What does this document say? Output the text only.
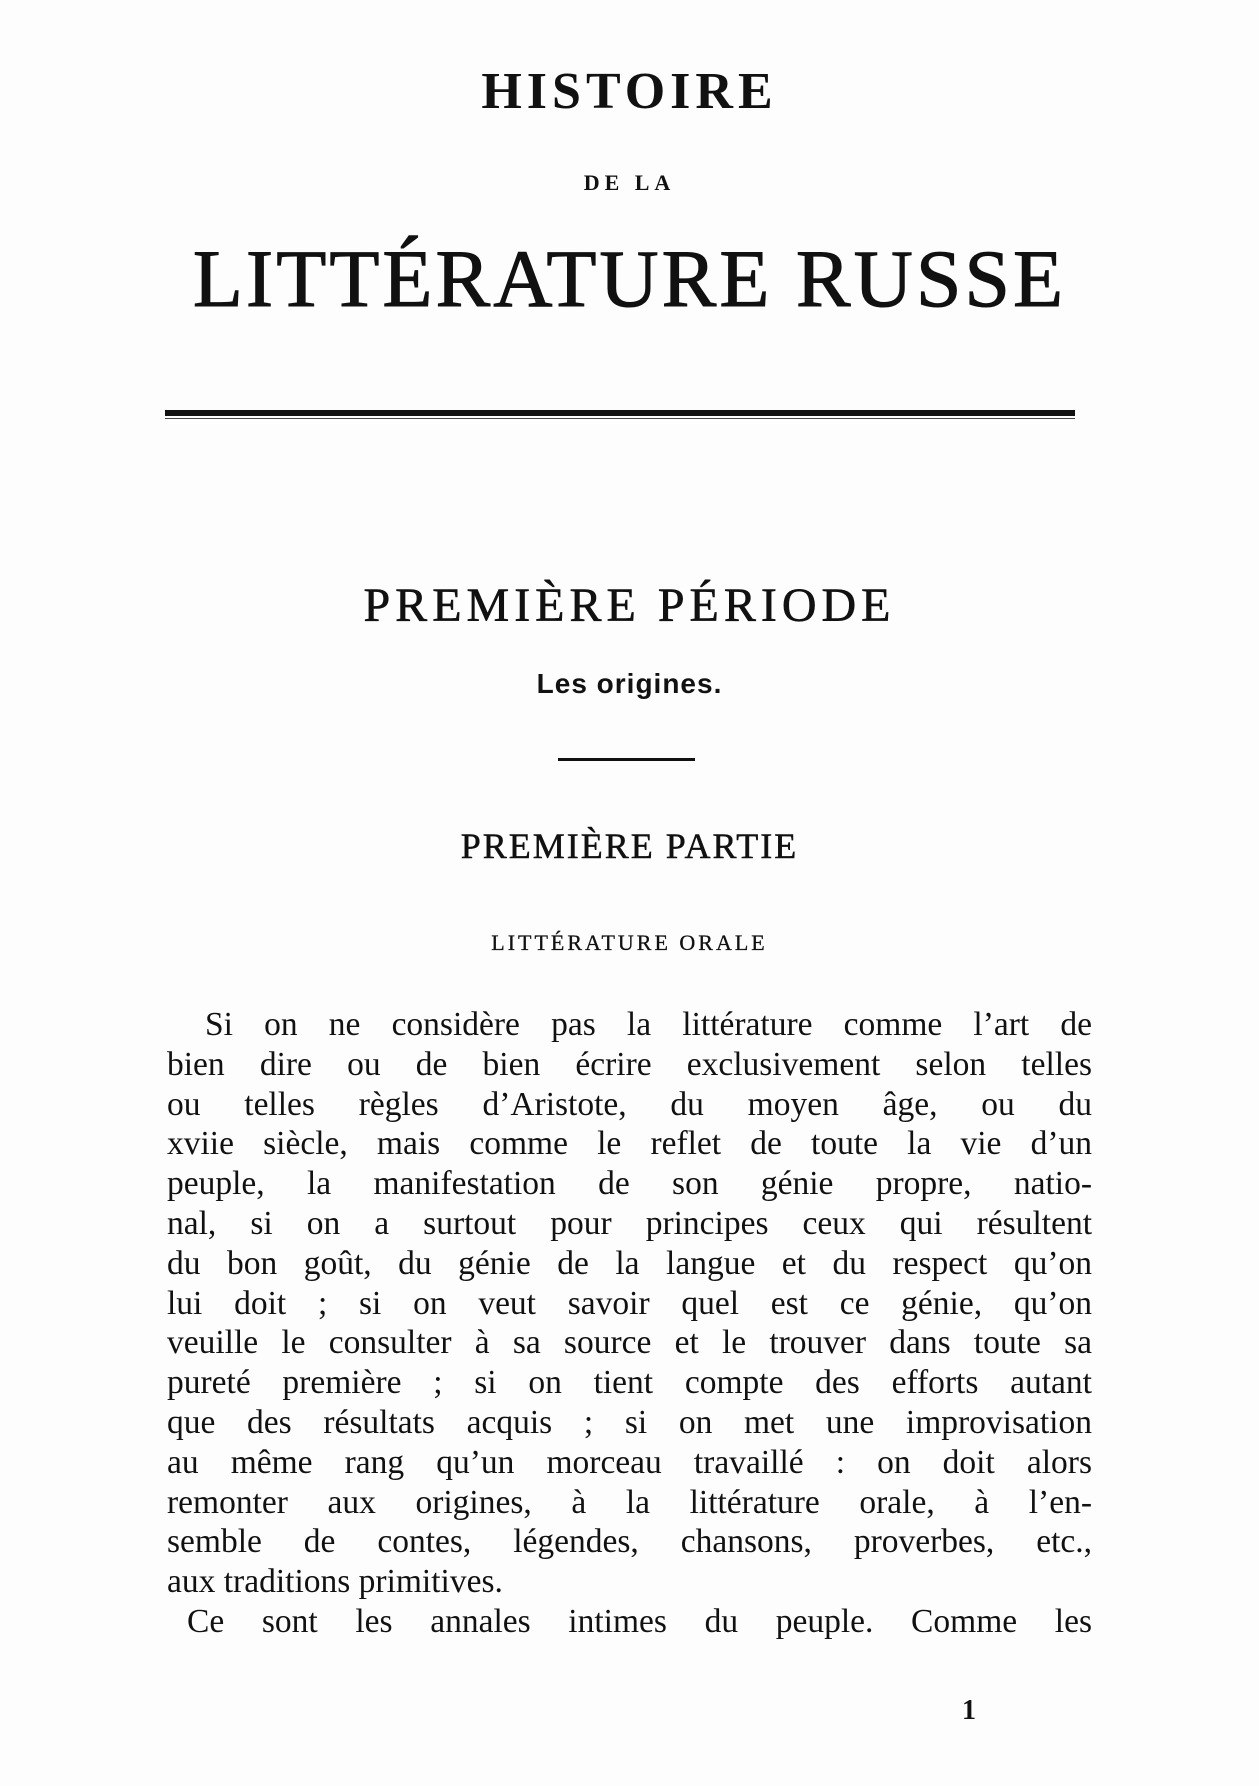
HISTOIRE
DE LA
LITTÉRATURE RUSSE
PREMIÈRE PÉRIODE
Les origines.
PREMIÈRE PARTIE
LITTÉRATURE ORALE
Si on ne considère pas la littérature comme l’art de
bien dire ou de bien écrire exclusivement selon telles
ou telles règles d’Aristote, du moyen âge, ou du
xviie siècle, mais comme le reflet de toute la vie d’un
peuple, la manifestation de son génie propre, natio-
nal, si on a surtout pour principes ceux qui résultent
du bon goût, du génie de la langue et du respect qu’on
lui doit ; si on veut savoir quel est ce génie, qu’on
veuille le consulter à sa source et le trouver dans toute sa
pureté première ; si on tient compte des efforts autant
que des résultats acquis ; si on met une improvisation
au même rang qu’un morceau travaillé : on doit alors
remonter aux origines, à la littérature orale, à l’en-
semble de contes, légendes, chansons, proverbes, etc.,
aux traditions primitives.
Ce sont les annales intimes du peuple. Comme les
1
